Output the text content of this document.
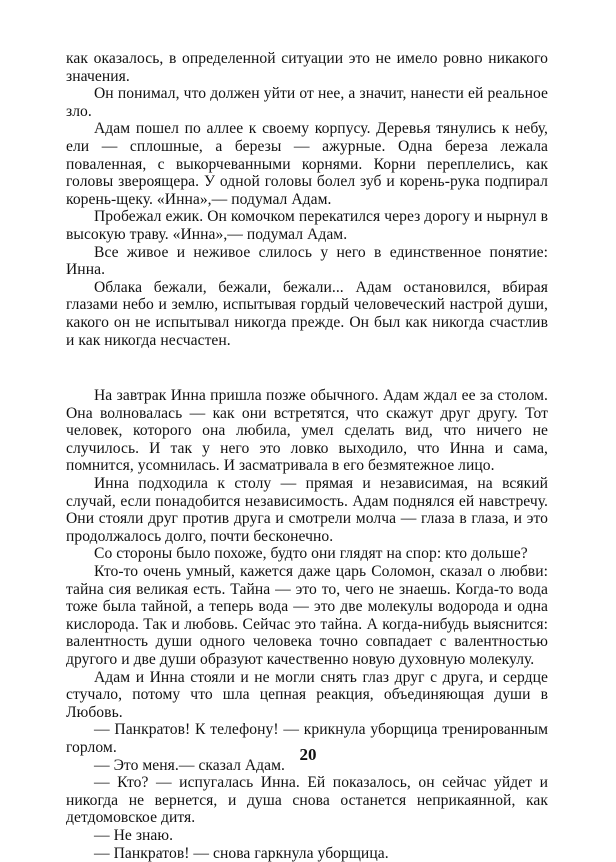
как оказалось, в определенной ситуации это не имело ровно никакого значения.

Он понимал, что должен уйти от нее, а значит, нанести ей реальное зло.

Адам пошел по аллее к своему корпусу. Деревья тянулись к небу, ели — сплошные, а березы — ажурные. Одна береза лежала поваленная, с выкорчеванными корнями. Корни переплелись, как головы звероящера. У одной головы болел зуб и корень-рука подпирал корень-щеку. «Инна»,— подумал Адам.

Пробежал ежик. Он комочком перекатился через дорогу и нырнул в высокую траву. «Инна»,— подумал Адам.

Все живое и неживое слилось у него в единственное понятие: Инна.

Облака бежали, бежали, бежали... Адам остановился, вбирая глазами небо и землю, испытывая гордый человеческий настрой души, какого он не испытывал никогда прежде. Он был как никогда счастлив и как никогда несчастен.

На завтрак Инна пришла позже обычного. Адам ждал ее за столом. Она волновалась — как они встретятся, что скажут друг другу. Тот человек, которого она любила, умел сделать вид, что ничего не случилось. И так у него это ловко выходило, что Инна и сама, помнится, усомнилась. И засматривала в его безмятежное лицо.

Инна подходила к столу — прямая и независимая, на всякий случай, если понадобится независимость. Адам поднялся ей навстречу. Они стояли друг против друга и смотрели молча — глаза в глаза, и это продолжалось долго, почти бесконечно.

Со стороны было похоже, будто они глядят на спор: кто дольше?

Кто-то очень умный, кажется даже царь Соломон, сказал о любви: тайна сия великая есть. Тайна — это то, чего не знаешь. Когда-то вода тоже была тайной, а теперь вода — это две молекулы водорода и одна кислорода. Так и любовь. Сейчас это тайна. А когда-нибудь выяснится: валентность души одного человека точно совпадает с валентностью другого и две души образуют качественно новую духовную молекулу.

Адам и Инна стояли и не могли снять глаз друг с друга, и сердце стучало, потому что шла цепная реакция, объединяющая души в Любовь.

— Панкратов! К телефону! — крикнула уборщица тренированным горлом.

— Это меня.— сказал Адам.

— Кто? — испугалась Инна. Ей показалось, он сейчас уйдет и никогда не вернется, и душа снова останется неприкаянной, как детдомовское дитя.

— Не знаю.

— Панкратов! — снова гаркнула уборщица.

20
